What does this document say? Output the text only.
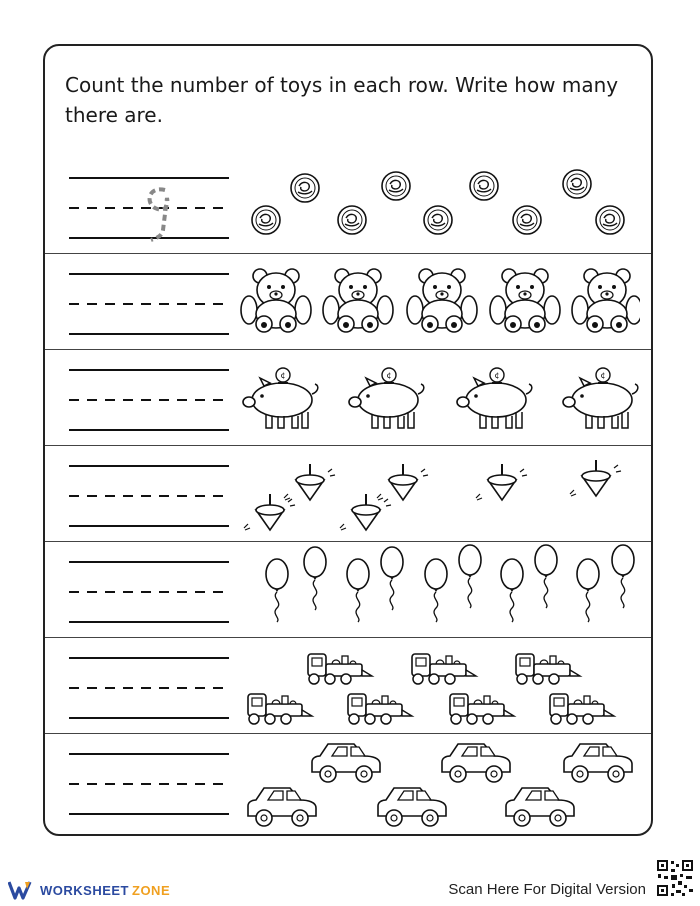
Count the number of toys in each row. Write how many there are.
WORKSHEET ZONE	Scan Here For Digital Version
